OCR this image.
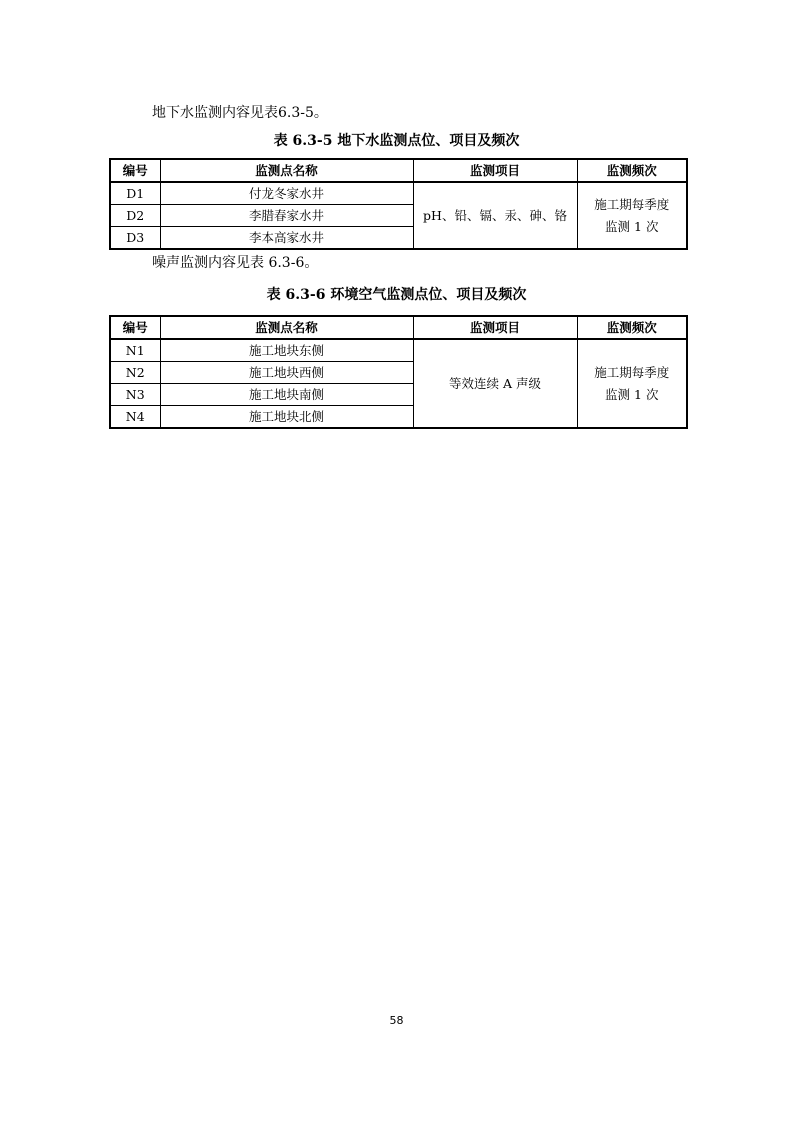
地下水监测内容见表6.3-5。
表 6.3-5 地下水监测点位、项目及频次
编号	监测点名称	监测项目	监测频次
D1	付龙冬家水井	pH、铅、镉、汞、砷、铬	施工期每季度
监测 1 次

D2	李腊春家水井		
D3	李本高家水井		
噪声监测内容见表 6.3-6。
表 6.3-6 环境空气监测点位、项目及频次
编号	监测点名称	监测项目	监测频次
N1	施工地块东侧	等效连续 A 声级	施工期每季度
监测 1 次

N2	施工地块西侧		
N3	施工地块南侧		
N4	施工地块北侧		
58
